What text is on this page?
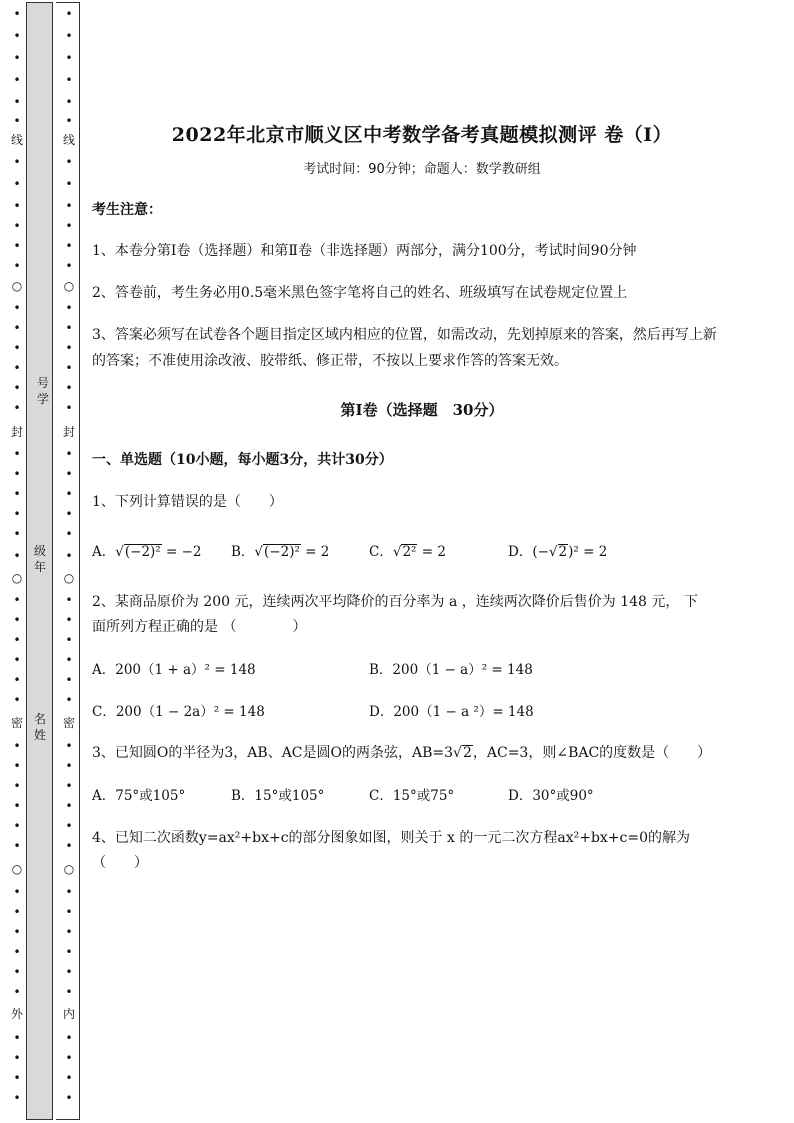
•
•
•
•
•
•
线
•
•
•
•
•
•
○
•
•
•
•
•
•
封
•
•
•
•
•
•
○
•
•
•
•
•
•
密
•
•
•
•
•
•
○
•
•
•
•
•
•
外
•
•
•
•
号学
级年
名姓
•
•
•
•
•
•
线
•
•
•
•
•
•
○
•
•
•
•
•
•
封
•
•
•
•
•
•
○
•
•
•
•
•
•
密
•
•
•
•
•
•
○
•
•
•
•
•
•
内
•
•
•
•
2022年北京市顺义区中考数学备考真题模拟测评 卷（Ⅰ）
考试时间：90分钟；命题人：数学教研组
考生注意：
1、本卷分第I卷（选择题）和第Ⅱ卷（非选择题）两部分，满分100分，考试时间90分钟
2、答卷前，考生务必用0.5毫米黑色签字笔将自己的姓名、班级填写在试卷规定位置上
3、答案必须写在试卷各个题目指定区域内相应的位置，如需改动，先划掉原来的答案，然后再写上新
的答案；不准使用涂改液、胶带纸、修正带，不按以上要求作答的答案无效。
第I卷（选择题　30分）
一、单选题（10小题，每小题3分，共计30分）
1、下列计算错误的是（　　）
A．√(−2)² = −2 B．√(−2)² = 2	C．√2² = 2	D．(−√2)² = 2
2、某商品原价为 200 元，连续两次平均降价的百分率为 a ，连续两次降价后售价为 148 元， 下
面所列方程正确的是 （　　　　）
A．200（1 + a）² = 148	B．200（1 − a）² = 148
C．200（1 − 2a）² = 148	D．200（1 − a ²）= 148
3、已知圆O的半径为3，AB、AC是圆O的两条弦，AB=3√2，AC=3，则∠BAC的度数是（　　）
A．75°或105°	B．15°或105°	C．15°或75°	D．30°或90°
4、已知二次函数y=ax²+bx+c的部分图象如图，则关于 x 的一元二次方程ax²+bx+c=0的解为
（　　）
